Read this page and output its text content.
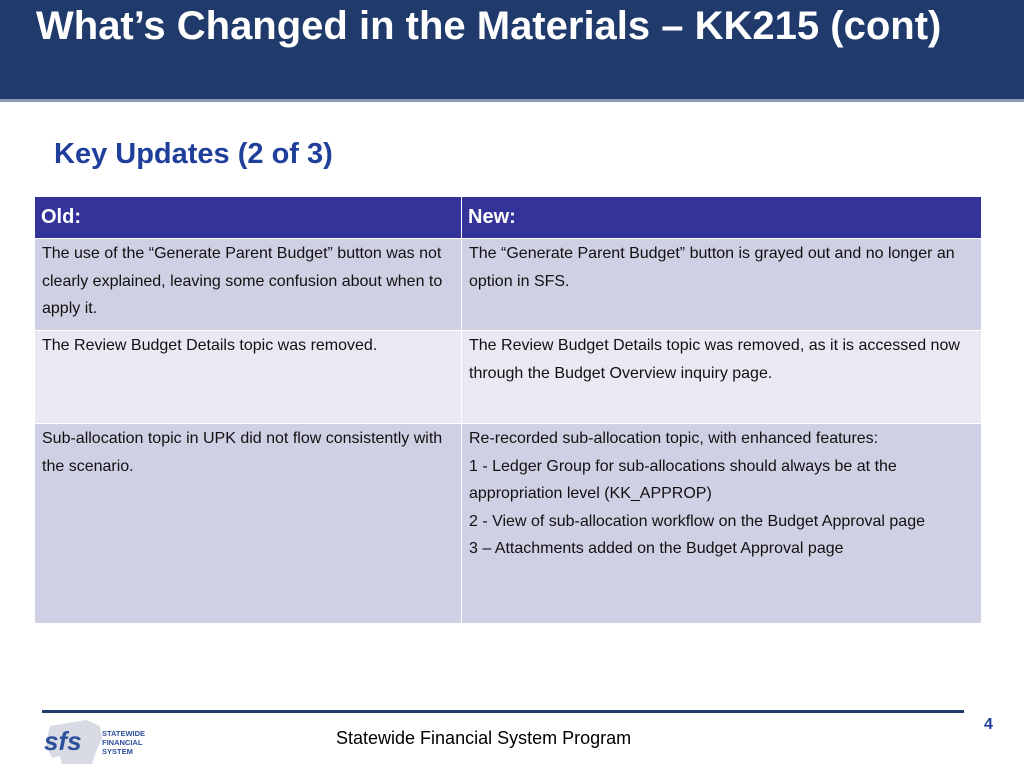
What’s Changed in the Materials – KK215 (cont)
Key Updates (2 of 3)
Old:	New:
The use of the “Generate Parent Budget” button was not clearly explained, leaving some confusion about when to apply it.	The “Generate Parent Budget” button is grayed out and no longer an option in SFS.
The Review Budget Details topic was removed.	The Review Budget Details topic was removed, as it is accessed now through the Budget Overview inquiry page.
Sub-allocation topic in UPK did not flow consistently with the scenario.	Re-recorded sub-allocation topic, with enhanced features:
1 - Ledger Group for sub-allocations should always be at the appropriation level (KK_APPROP)
2 - View of sub-allocation workflow on the Budget Approval page
3 – Attachments added on the Budget Approval page
sfs	STATEWIDE
FINANCIAL
SYSTEM

Statewide Financial System Program

4
